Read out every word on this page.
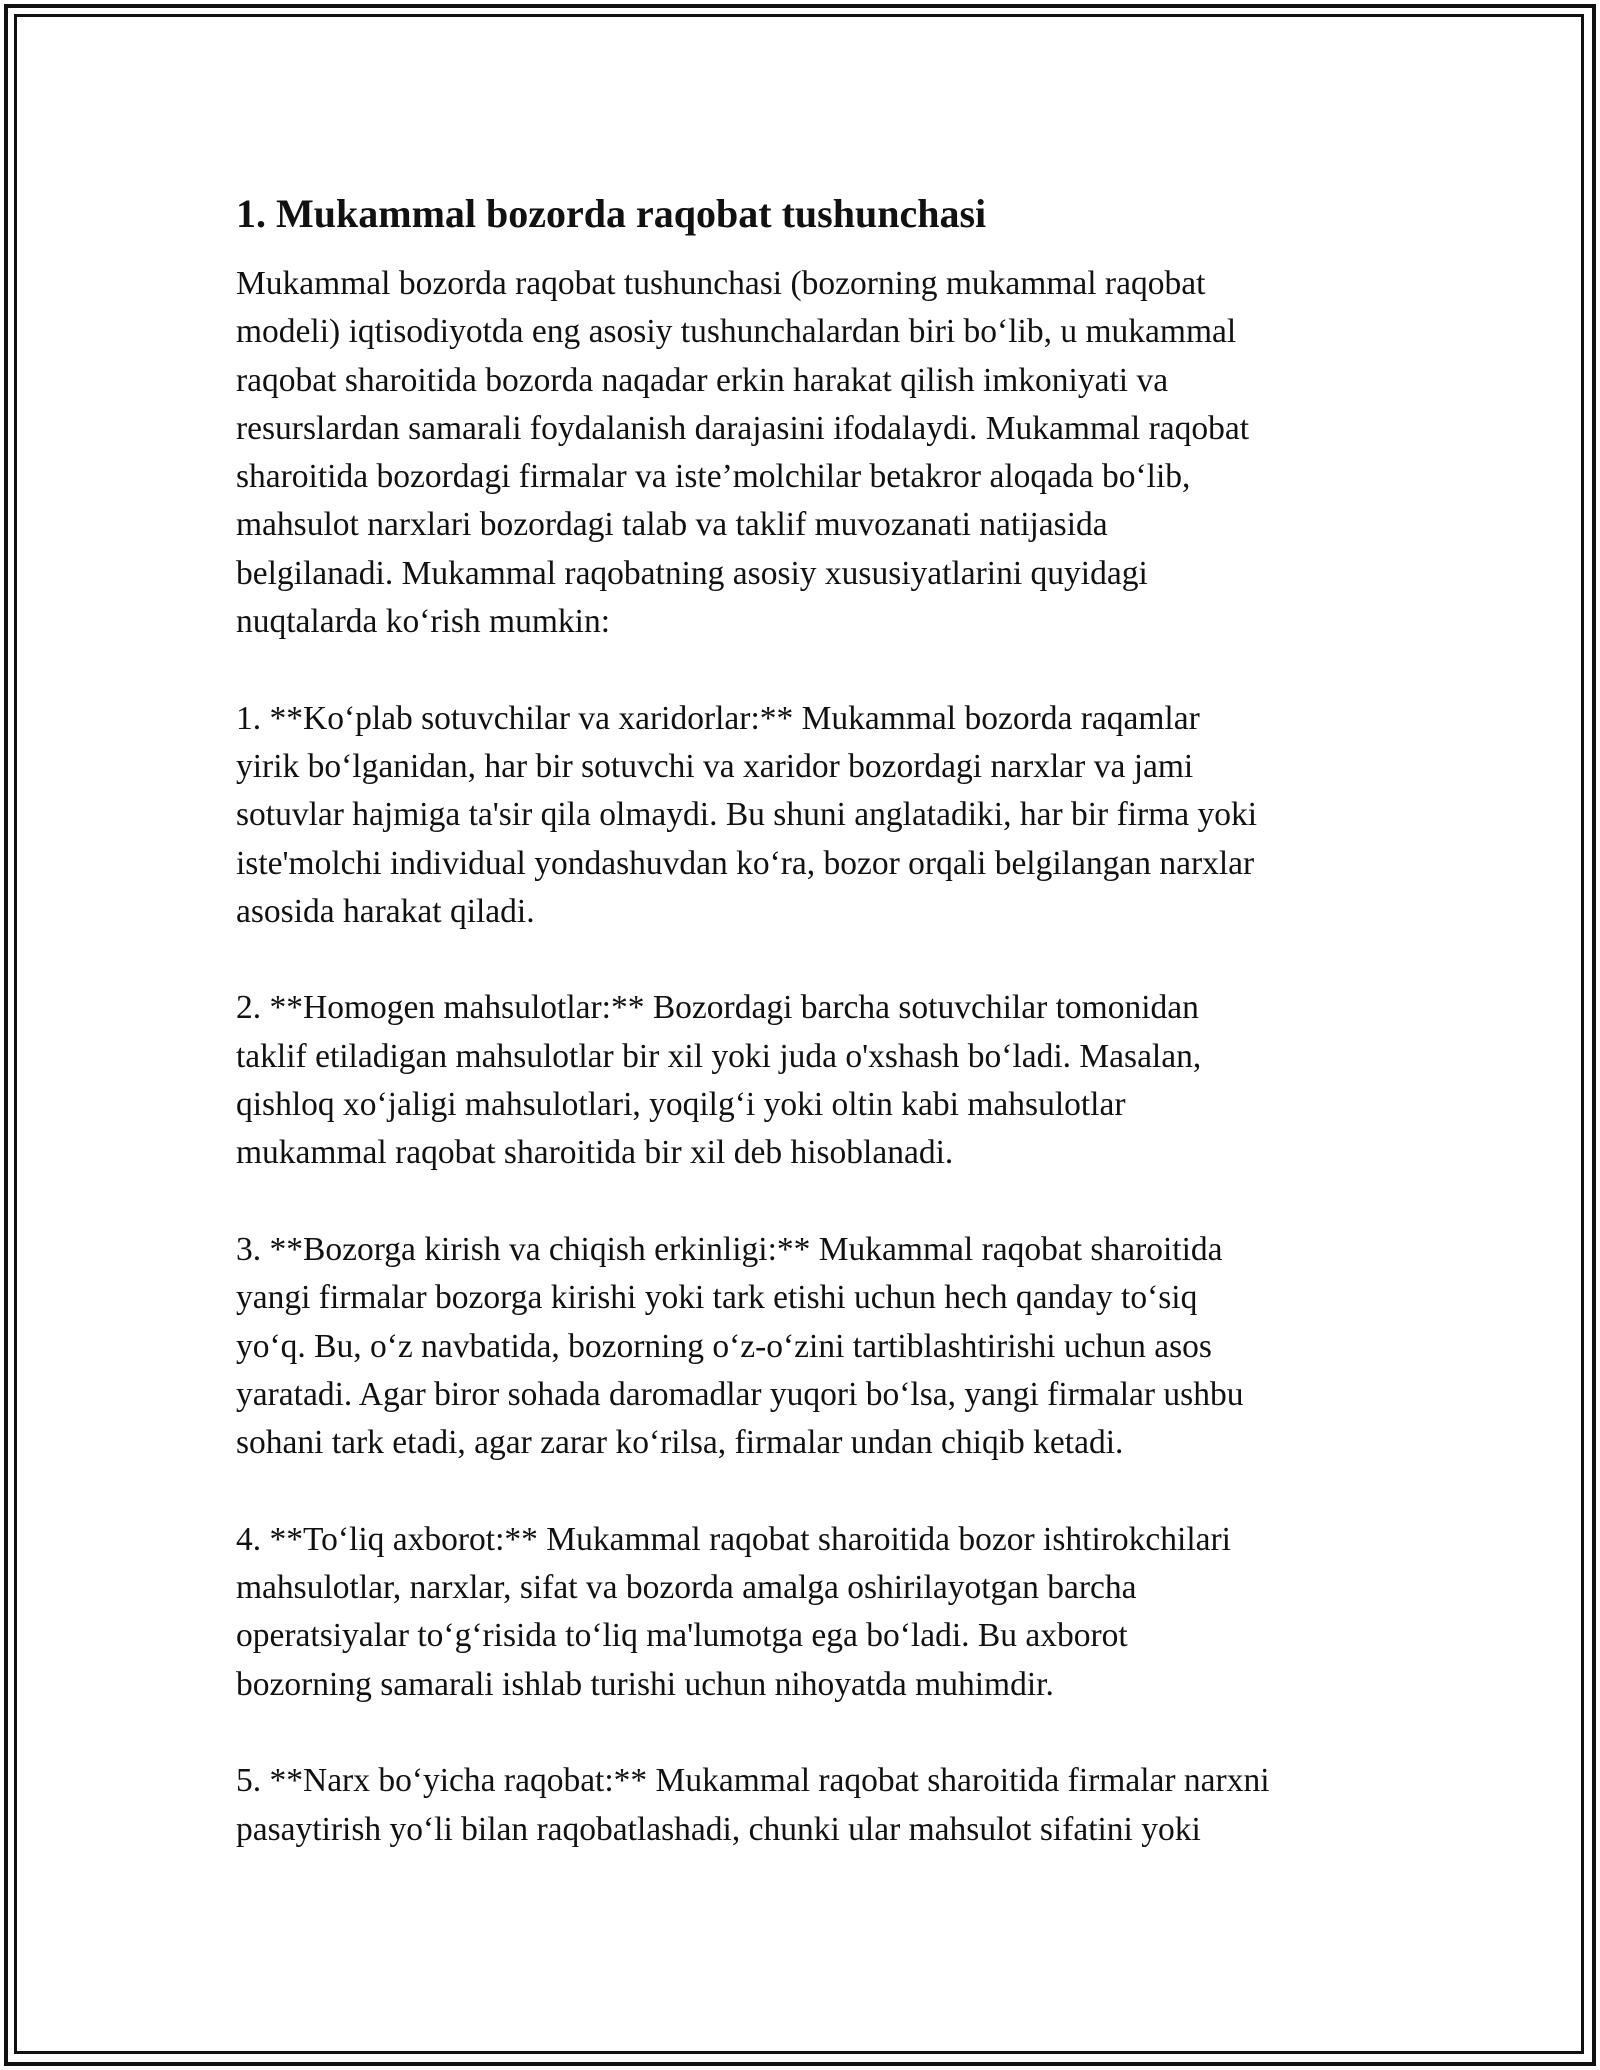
1. Mukammal bozorda raqobat tushunchasi

Mukammal bozorda raqobat tushunchasi (bozorning mukammal raqobat
modeli) iqtisodiyotda eng asosiy tushunchalardan biri bo‘lib, u mukammal
raqobat sharoitida bozorda naqadar erkin harakat qilish imkoniyati va
resurslardan samarali foydalanish darajasini ifodalaydi. Mukammal raqobat
sharoitida bozordagi firmalar va iste’molchilar betakror aloqada bo‘lib,
mahsulot narxlari bozordagi talab va taklif muvozanati natijasida
belgilanadi. Mukammal raqobatning asosiy xususiyatlarini quyidagi
nuqtalarda ko‘rish mumkin:

1. **Ko‘plab sotuvchilar va xaridorlar:** Mukammal bozorda raqamlar
yirik bo‘lganidan, har bir sotuvchi va xaridor bozordagi narxlar va jami
sotuvlar hajmiga ta'sir qila olmaydi. Bu shuni anglatadiki, har bir firma yoki
iste'molchi individual yondashuvdan ko‘ra, bozor orqali belgilangan narxlar
asosida harakat qiladi.

2. **Homogen mahsulotlar:** Bozordagi barcha sotuvchilar tomonidan
taklif etiladigan mahsulotlar bir xil yoki juda o'xshash bo‘ladi. Masalan,
qishloq xo‘jaligi mahsulotlari, yoqilg‘i yoki oltin kabi mahsulotlar
mukammal raqobat sharoitida bir xil deb hisoblanadi.

3. **Bozorga kirish va chiqish erkinligi:** Mukammal raqobat sharoitida
yangi firmalar bozorga kirishi yoki tark etishi uchun hech qanday to‘siq
yo‘q. Bu, o‘z navbatida, bozorning o‘z-o‘zini tartiblashtirishi uchun asos
yaratadi. Agar biror sohada daromadlar yuqori bo‘lsa, yangi firmalar ushbu
sohani tark etadi, agar zarar ko‘rilsa, firmalar undan chiqib ketadi.

4. **To‘liq axborot:** Mukammal raqobat sharoitida bozor ishtirokchilari
mahsulotlar, narxlar, sifat va bozorda amalga oshirilayotgan barcha
operatsiyalar to‘g‘risida to‘liq ma'lumotga ega bo‘ladi. Bu axborot
bozorning samarali ishlab turishi uchun nihoyatda muhimdir.

5. **Narx bo‘yicha raqobat:** Mukammal raqobat sharoitida firmalar narxni
pasaytirish yo‘li bilan raqobatlashadi, chunki ular mahsulot sifatini yoki
